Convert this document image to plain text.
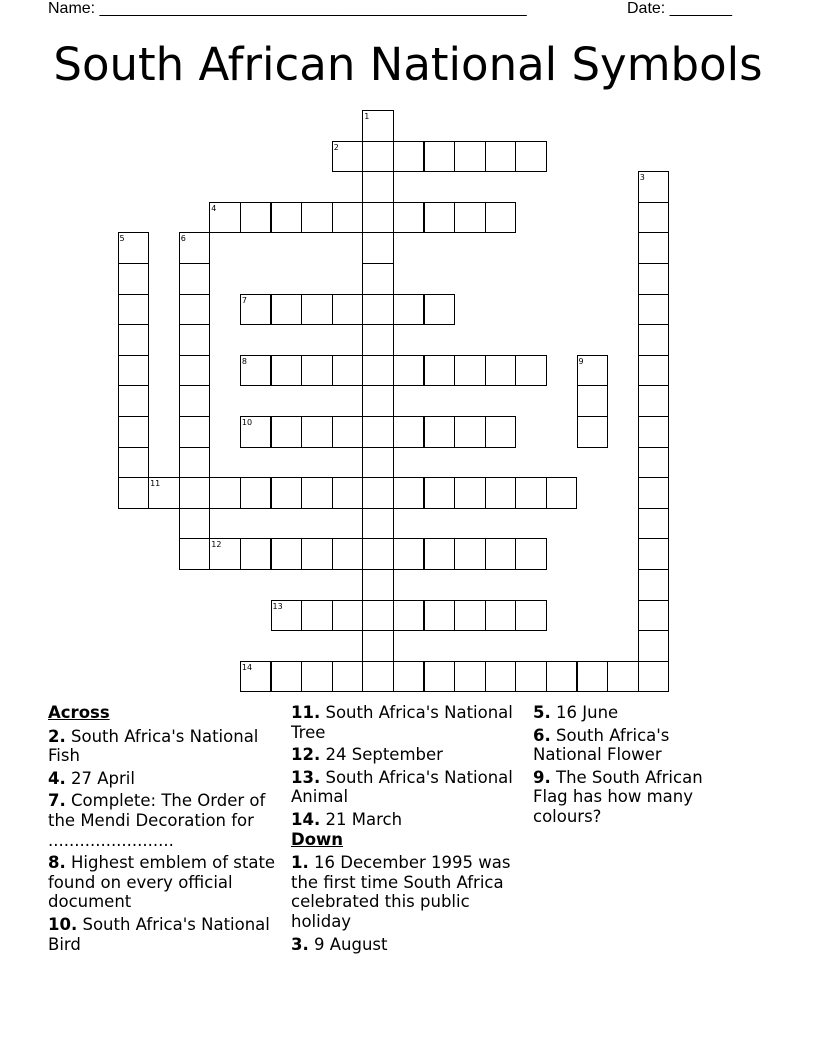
Name: ________________________________________________	Date: _______
South African National Symbols
1
2
3
4
5	6
7
8	9
10
11
12
13
14

Across

2. South Africa's National Fish

4. 27 April

7. Complete: The Order of the Mendi Decoration for ........................

8. Highest emblem of state found on every official document

10. South Africa's National Bird

11. South Africa's National Tree

12. 24 September

13. South Africa's National Animal

14. 21 March

Down

1. 16 December 1995 was the first time South Africa celebrated this public holiday

3. 9 August

5. 16 June

6. South Africa's National Flower

9. The South African Flag has how many colours?
